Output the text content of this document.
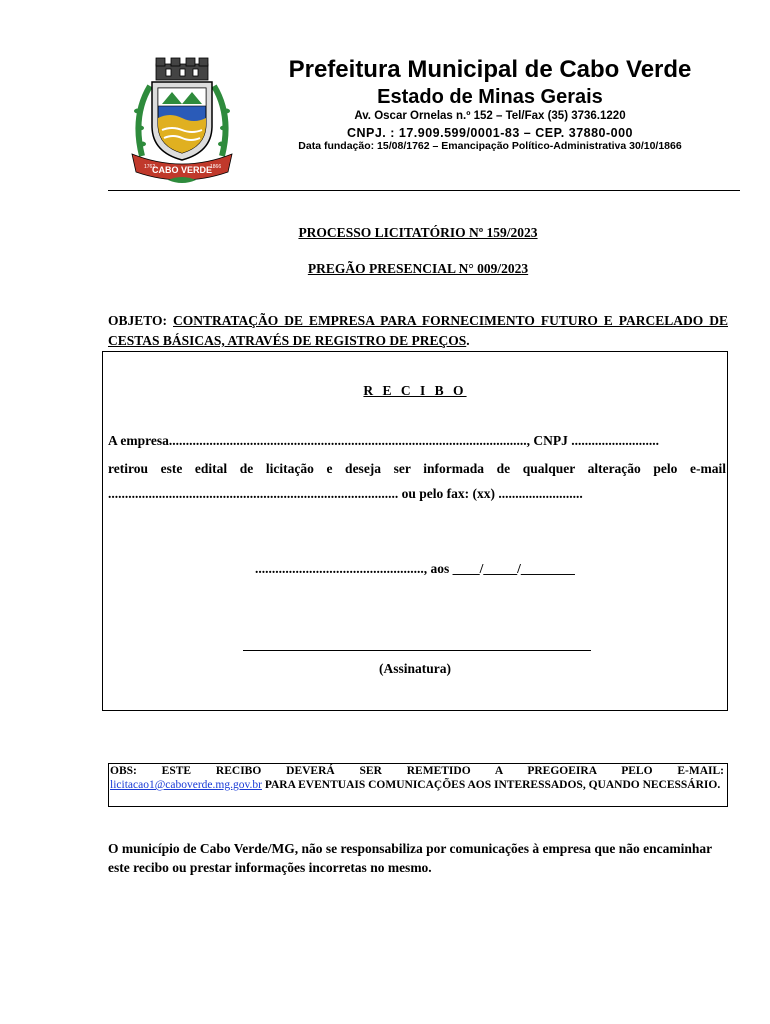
1762
CABO VERDE
1866
Prefeitura Municipal de Cabo Verde
Estado de Minas Gerais
Av. Oscar Ornelas n.º 152 – Tel/Fax (35) 3736.1220
CNPJ. : 17.909.599/0001-83 – CEP. 37880-000
Data fundação: 15/08/1762 – Emancipação Político-Administrativa 30/10/1866
PROCESSO LICITATÓRIO Nº 159/2023
PREGÃO PRESENCIAL N° 009/2023
OBJETO: CONTRATAÇÃO DE EMPRESA PARA FORNECIMENTO FUTURO E PARCELADO DE CESTAS BÁSICAS, ATRAVÉS DE REGISTRO DE PREÇOS.
R E C I B O
A empresa.........................................................................................................., CNPJ ..........................
retirou este edital de licitação e deseja ser informada de qualquer alteração pelo e-mail
...................................................................................... ou pelo fax: (xx) .........................
.................................................., aos ____/_____/________
(Assinatura)
OBS: ESTE RECIBO DEVERÁ SER REMETIDO A PREGOEIRA PELO E-MAIL:
licitacao1@caboverde.mg.gov.br PARA EVENTUAIS COMUNICAÇÕES AOS INTERESSADOS, QUANDO NECESSÁRIO.
O município de Cabo Verde/MG, não se responsabiliza por comunicações à empresa que não encaminhar este recibo ou prestar informações incorretas no mesmo.
